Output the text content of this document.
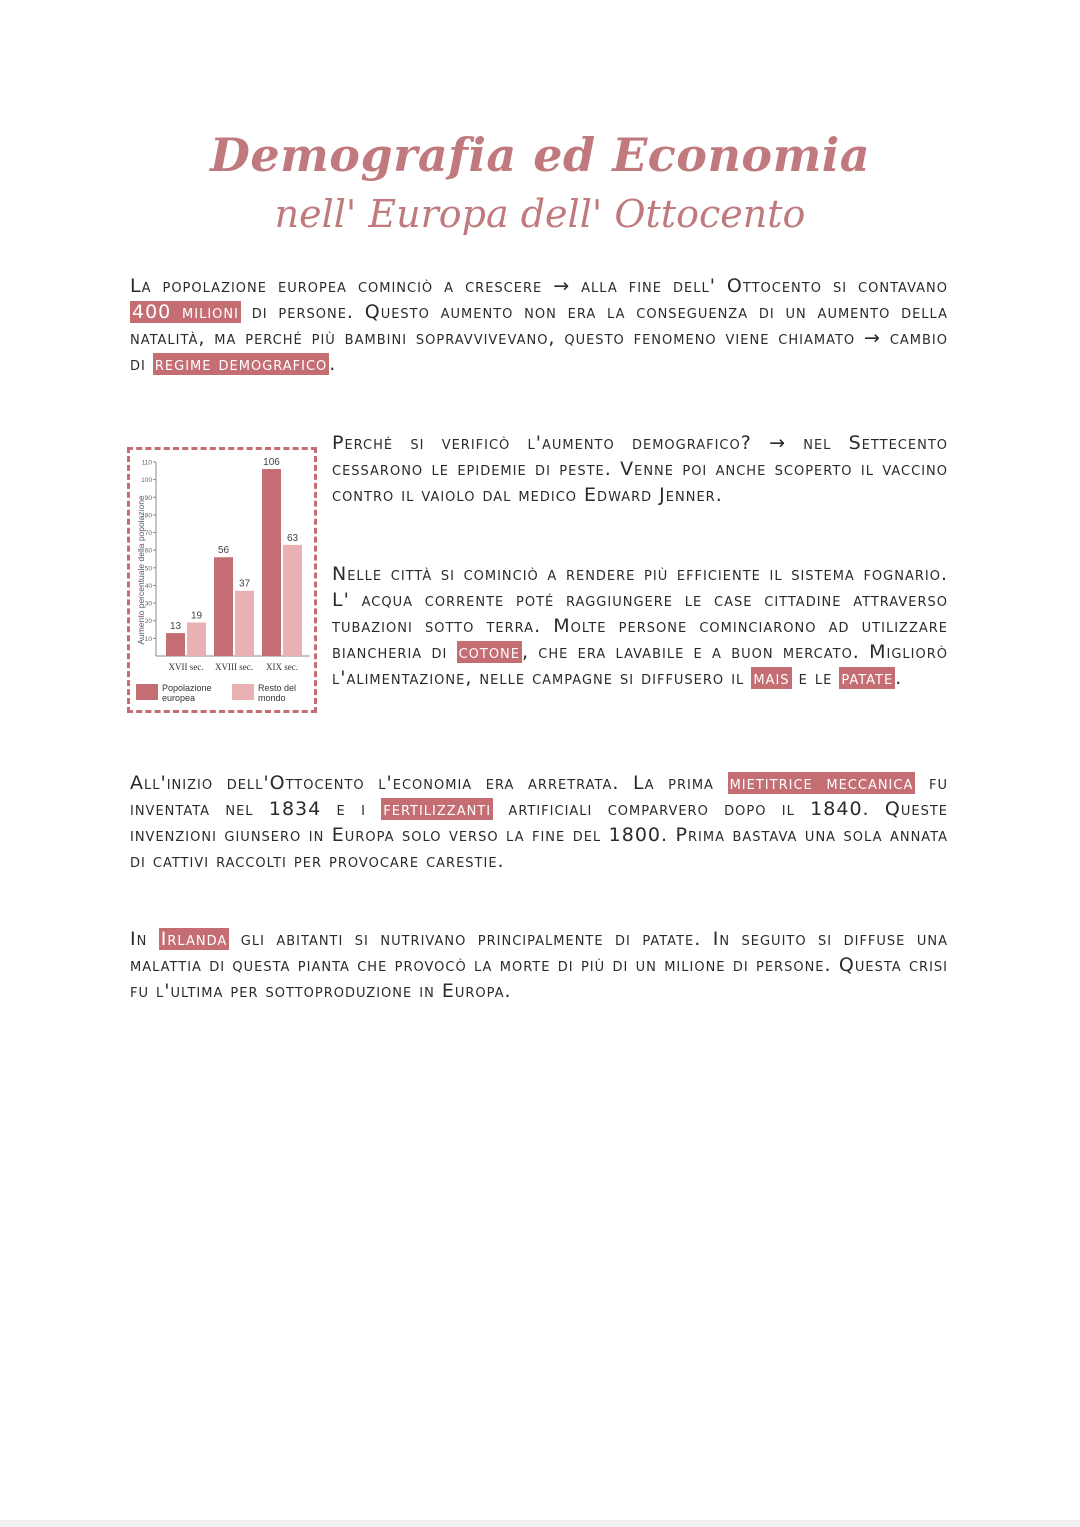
Demografia ed Economia
nell' Europa dell' Ottocento

La popolazione europea cominciò a crescere → alla fine dell' Ottocento si contavano 400 milioni di persone. Questo aumento non era la conseguenza di un aumento della natalità, ma perché più bambini sopravvivevano, questo fenomeno viene chiamato → cambio di regime demografico .

Aumento percentuale della popolazione
10
20
30
40
50
60
70
80
90
100
110
13
19
56
37
106
63
XVII sec. XVIII sec. XIX sec.
Popolazione europea
Resto del mondo

Perché si verificò l'aumento demografico? → nel Settecento cessarono le epidemie di peste. Venne poi anche scoperto il vaccino contro il vaiolo dal medico Edward Jenner.

Nelle città si cominciò a rendere più efficiente il sistema fognario. L' acqua corrente poté raggiungere le case cittadine attraverso tubazioni sotto terra. Molte persone cominciarono ad utilizzare biancheria di cotone , che era lavabile e a buon mercato. Migliorò l'alimentazione, nelle campagne si diffusero il mais e le patate .

All'inizio dell'Ottocento l'economia era arretrata. La prima mietitrice meccanica fu inventata nel 1834 e i fertilizzanti artificiali comparvero dopo il 1840. Queste invenzioni giunsero in Europa solo verso la fine del 1800. Prima bastava una sola annata di cattivi raccolti per provocare carestie.

In Irlanda gli abitanti si nutrivano principalmente di patate. In seguito si diffuse una malattia di questa pianta che provocò la morte di più di un milione di persone. Questa crisi fu l'ultima per sottoproduzione in Europa.
